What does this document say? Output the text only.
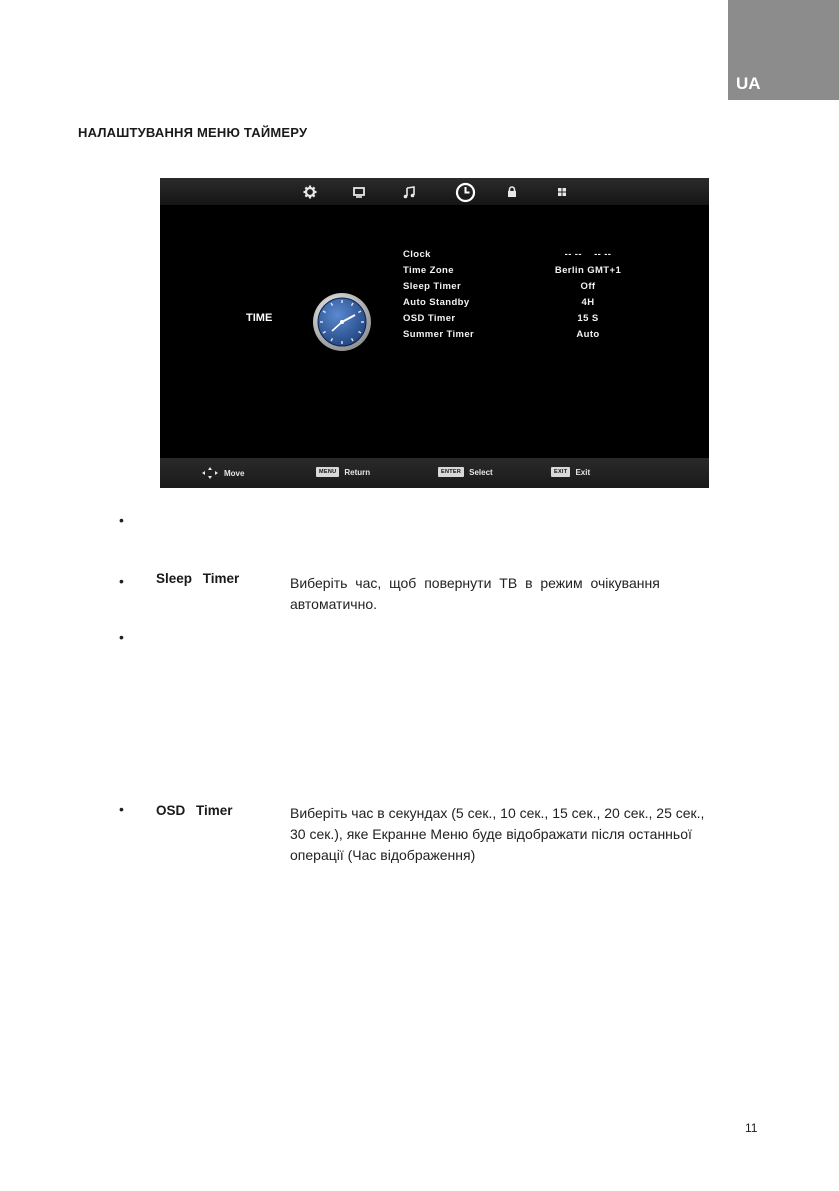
UA
НАЛАШТУВАННЯ МЕНЮ ТАЙМЕРУ
TIME
Clock	-- --    -- --
Time Zone	Berlin GMT+1
Sleep Timer	Off
Auto Standby	4H
OSD Timer	15 S
Summer Timer	Auto
Move	MENU	Return	ENTER	Select	EXIT	Exit
•
• Sleep Timer	Виберіть час, щоб повернути ТВ в режим очікування
автоматично.
•
• OSD Timer	Виберіть час в секундах (5 сек., 10 сек., 15 сек., 20 сек., 25 сек.,
30 сек.), яке Екранне Меню буде відображати після останньої
операції (Час відображення)
11
